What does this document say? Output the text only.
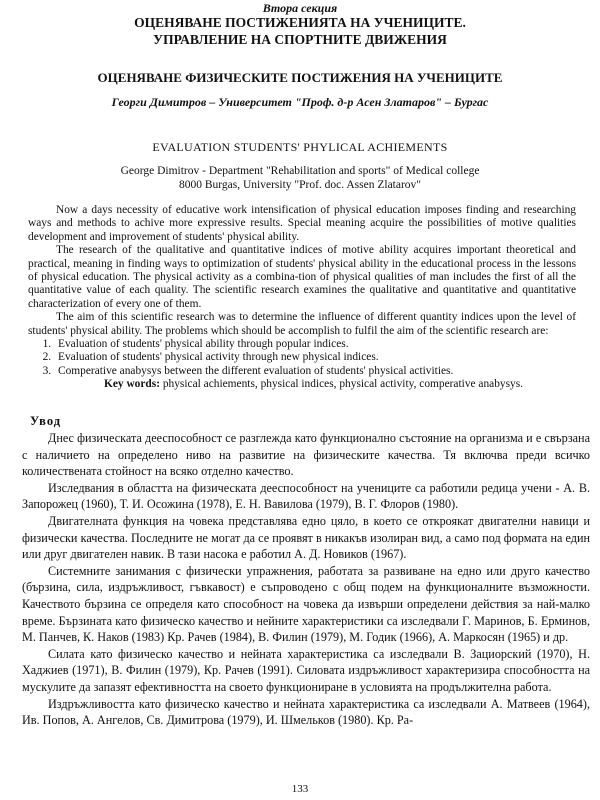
Втора секция
ОЦЕНЯВАНЕ ПОСТИЖЕНИЯТА НА УЧЕНИЦИТЕ.
УПРАВЛЕНИЕ НА СПОРТНИТЕ ДВИЖЕНИЯ
ОЦЕНЯВАНЕ ФИЗИЧЕСКИТЕ ПОСТИЖЕНИЯ НА УЧЕНИЦИТЕ
Георги Димитров – Университет "Проф. д-р Асен Златаров" – Бургас
EVALUATION STUDENTS' PHYLICAL ACHIEMENTS
George Dimitrov - Department "Rehabilitation and sports" of Medical college
8000 Burgas, University "Prof. doc. Assen Zlatarov"

Now a days necessity of educative work intensification of physical education imposes finding and researching ways and methods to achive more expressive results. Special meaning acquire the possibilities of motive qualities development and improvement of students' physical ability.

The research of the qualitative and quantitative indices of motive ability acquires important theoretical and practical, meaning in finding ways to optimization of students' physical ability in the educational process in the lessons of physical education. The physical activity as a combina-tion of physical qualities of man includes the first of all the quantitative value of each quality. The scientific research examines the qualitative and quantitative and quantitative characterization of every one of them.

The aim of this scientific research was to determine the influence of different quantity indices upon the level of students' physical ability. The problems which should be accomplish to fulfil the aim of the scientific research are:

1. Evaluation of students' physical ability through popular indices.
2. Evaluation of students' physical activity through new physical indices.
3. Comperative anabysys between the different evaluation of students' physical activities.

Key words: physical achiements, physical indices, physical activity, comperative anabysys.

Увод

Днес физическата дееспособност се разглежда като функционално състояние на организма и е свързана с наличието на определено ниво на развитие на физическите качества. Тя включва преди всичко количествената стойност на всяко отделно качество.

Изследвания в областта на физическата дееспособност на учениците са работили редица учени - А. В. Запорожец (1960), Т. И. Осожина (1978), Е. Н. Вавилова (1979), В. Г. Флоров (1980).

Двигателната функция на човека представлява едно цяло, в което се откроякат двигателни навици и физически качества. Последните не могат да се проявят в никакъв изолиран вид, а само под формата на един или друг двигателен навик. В тази насока е работил А. Д. Новиков (1967).

Системните занимания с физически упражнения, работата за развиване на едно или друго качество (бързина, сила, издръжливост, гъвкавост) е съпроводено с общ подем на функционалните възможности. Качеството бързина се определя като способност на човека да извърши определени действия за най-малко време. Бързината като физическо качество и нейните характеристики са изследвали Г. Маринов, Б. Ерминов, М. Панчев, К. Наков (1983) Кр. Рачев (1984), В. Филин (1979), М. Годик (1966), А. Маркосян (1965) и др.

Силата като физическо качество и нейната характеристика са изследвали В. Зациорский (1970), Н. Хаджиев (1971), В. Филин (1979), Кр. Рачев (1991). Силовата издръжливост характеризира способността на мускулите да запазят ефективността на своето функциониране в условията на продължителна работа.

Издръжливостта като физическо качество и нейната характеристика са изследвали А. Матвеев (1964), Ив. Попов, А. Ангелов, Св. Димитрова (1979), И. Шмельков (1980). Кр. Ра-

133
